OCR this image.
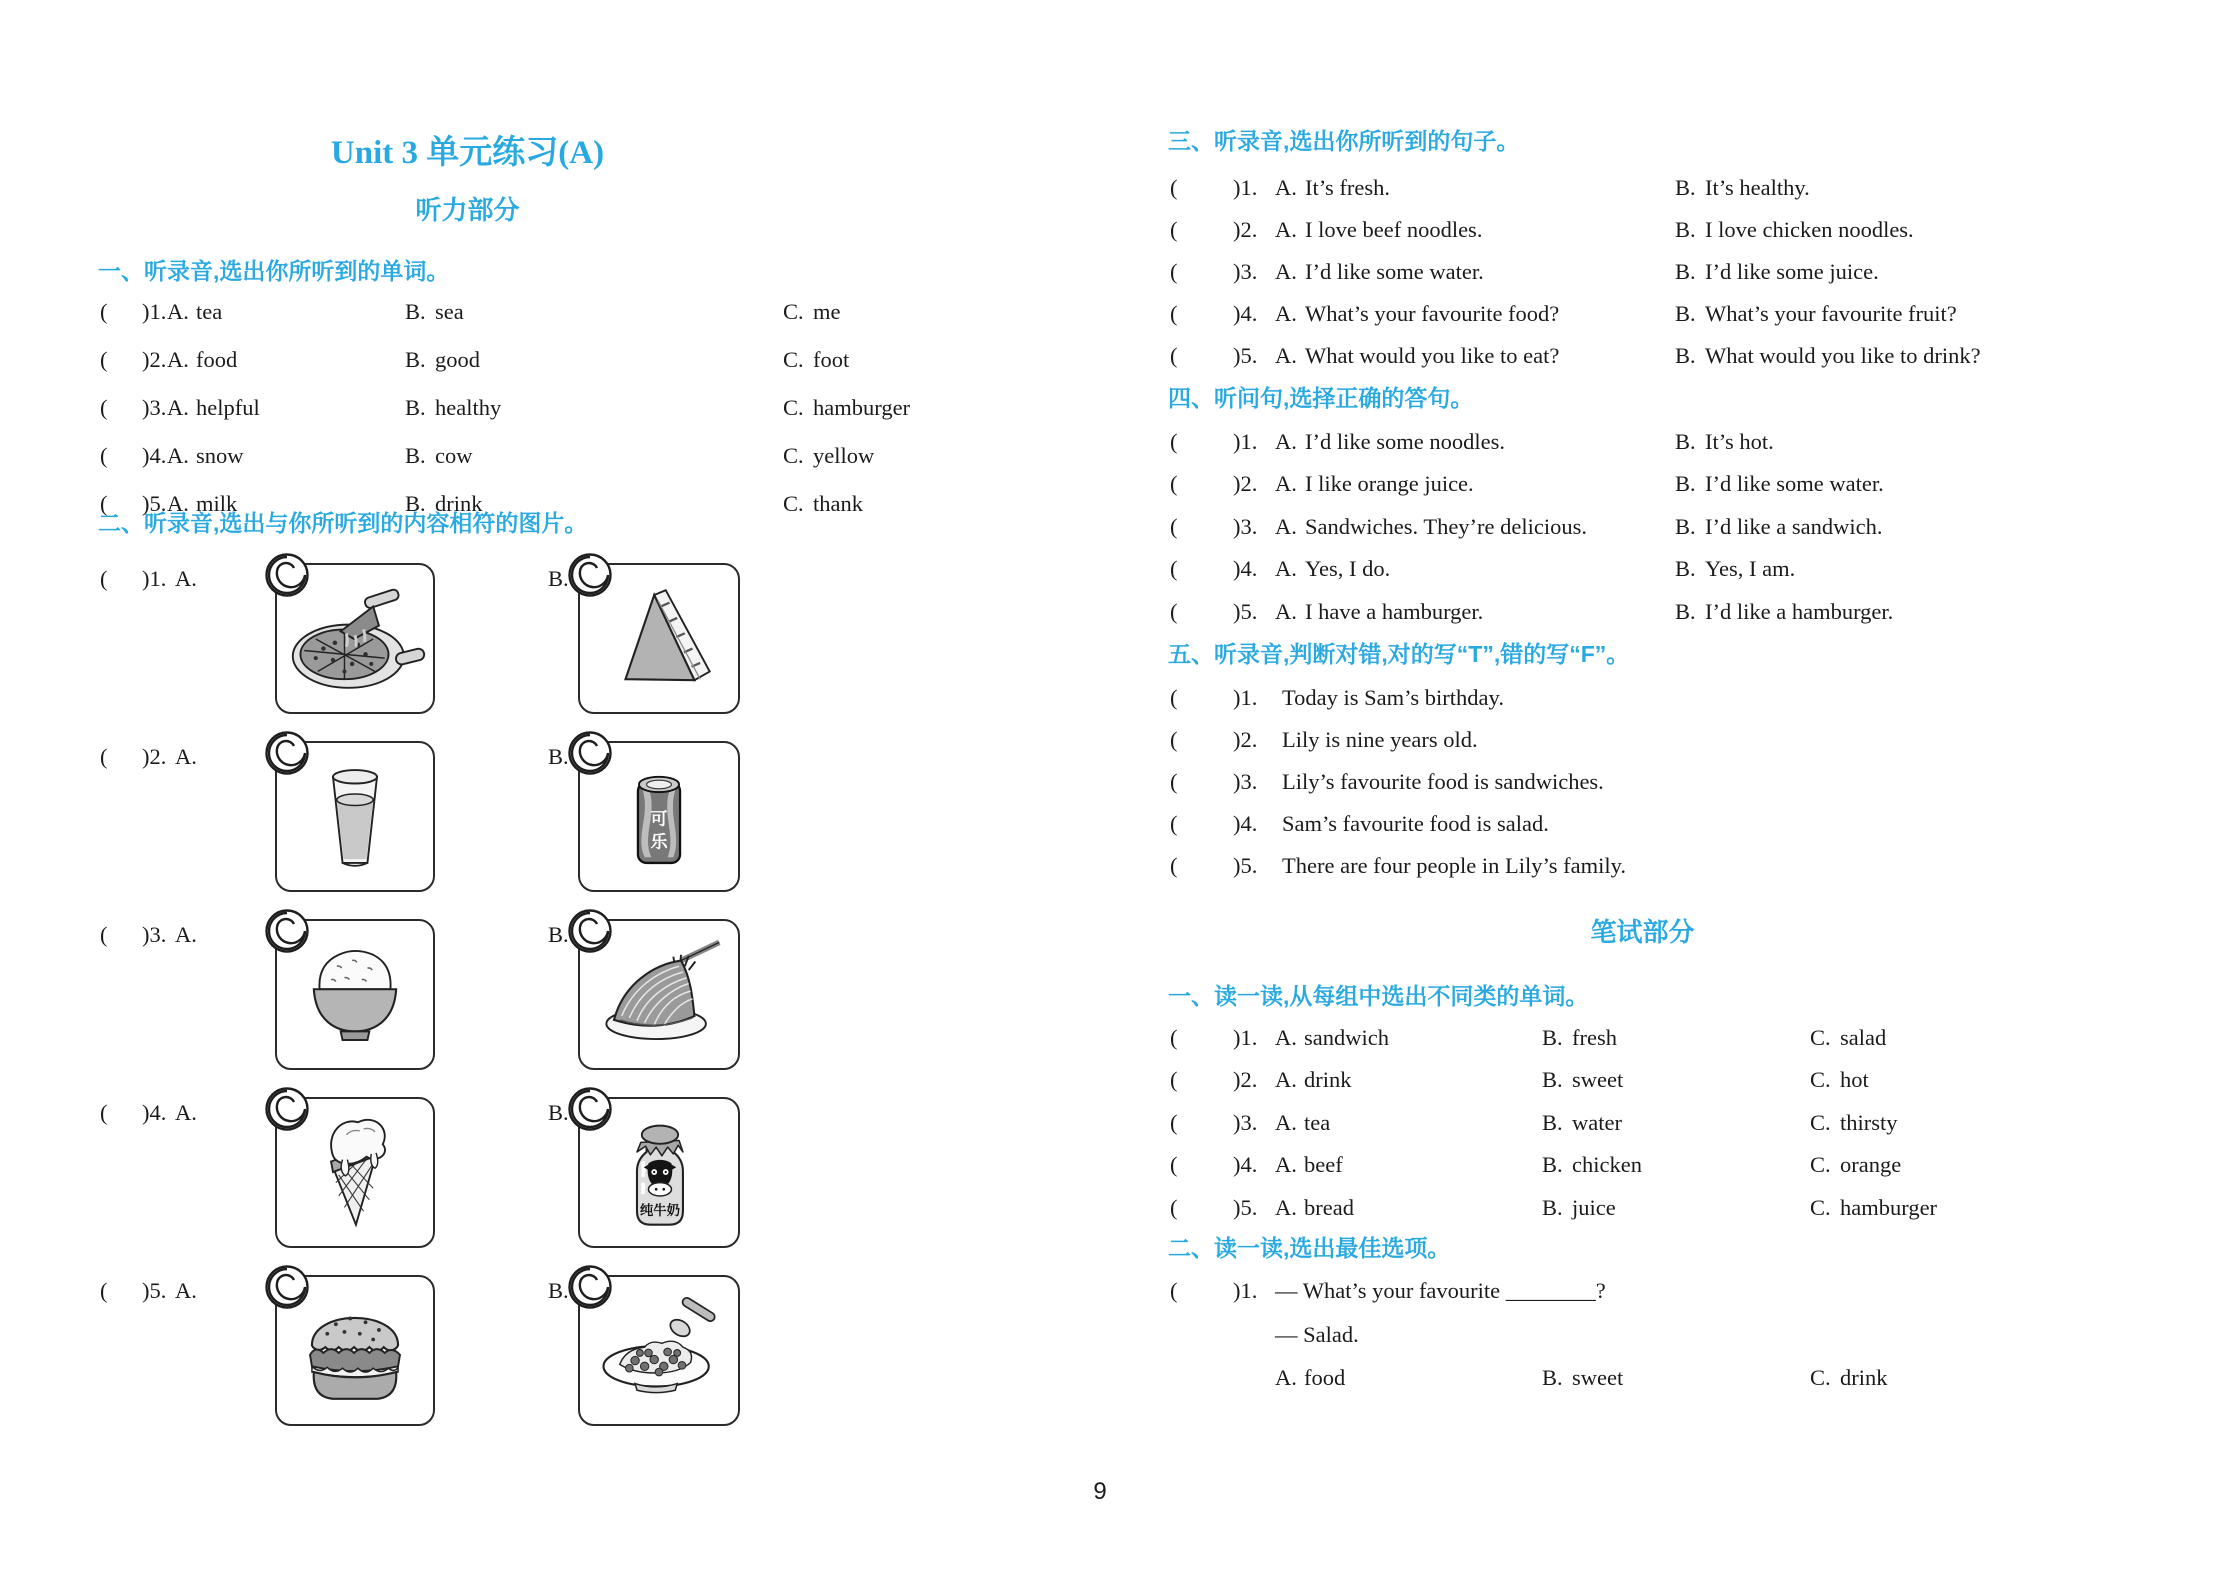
Unit 3 单元练习(A)
听力部分
一、听录音,选出你所听到的单词。
( )1. A. tea	B. sea	C. me
( )2. A. food	B. good	C. foot
( )3. A. helpful	B. healthy	C. hamburger
( )4. A. snow	B. cow	C. yellow
( )5. A. milk	B. drink	C. thank
二、听录音,选出与你所听到的内容相符的图片。
( )1. A.	B.
( )2. A.	B.
可
乐
( )3. A.	B.
( )4. A.	B.
纯牛奶
( )5. A.	B.
三、听录音,选出你所听到的句子。
( )1. A. It’s fresh.	B. It’s healthy.
( )2. A. I love beef noodles.	B. I love chicken noodles.
( )3. A. I’d like some water.	B. I’d like some juice.
( )4. A. What’s your favourite food?	B. What’s your favourite fruit?
( )5. A. What would you like to eat?	B. What would you like to drink?
四、听问句,选择正确的答句。
( )1. A. I’d like some noodles.	B. It’s hot.
( )2. A. I like orange juice.	B. I’d like some water.
( )3. A. Sandwiches. They’re delicious.	B. I’d like a sandwich.
( )4. A. Yes, I do.	B. Yes, I am.
( )5. A. I have a hamburger.	B. I’d like a hamburger.
五、听录音,判断对错,对的写“T”,错的写“F”。
( )1. Today is Sam’s birthday.
( )2. Lily is nine years old.
( )3. Lily’s favourite food is sandwiches.
( )4. Sam’s favourite food is salad.
( )5. There are four people in Lily’s family.
笔试部分
一、读一读,从每组中选出不同类的单词。
( )1. A. sandwich	B. fresh	C. salad
( )2. A. drink	B. sweet	C. hot
( )3. A. tea	B. water	C. thirsty
( )4. A. beef	B. chicken	C. orange
( )5. A. bread	B. juice	C. hamburger
二、读一读,选出最佳选项。
( )1. — What’s your favourite ________?
— Salad.
A. food	B. sweet	C. drink
9
